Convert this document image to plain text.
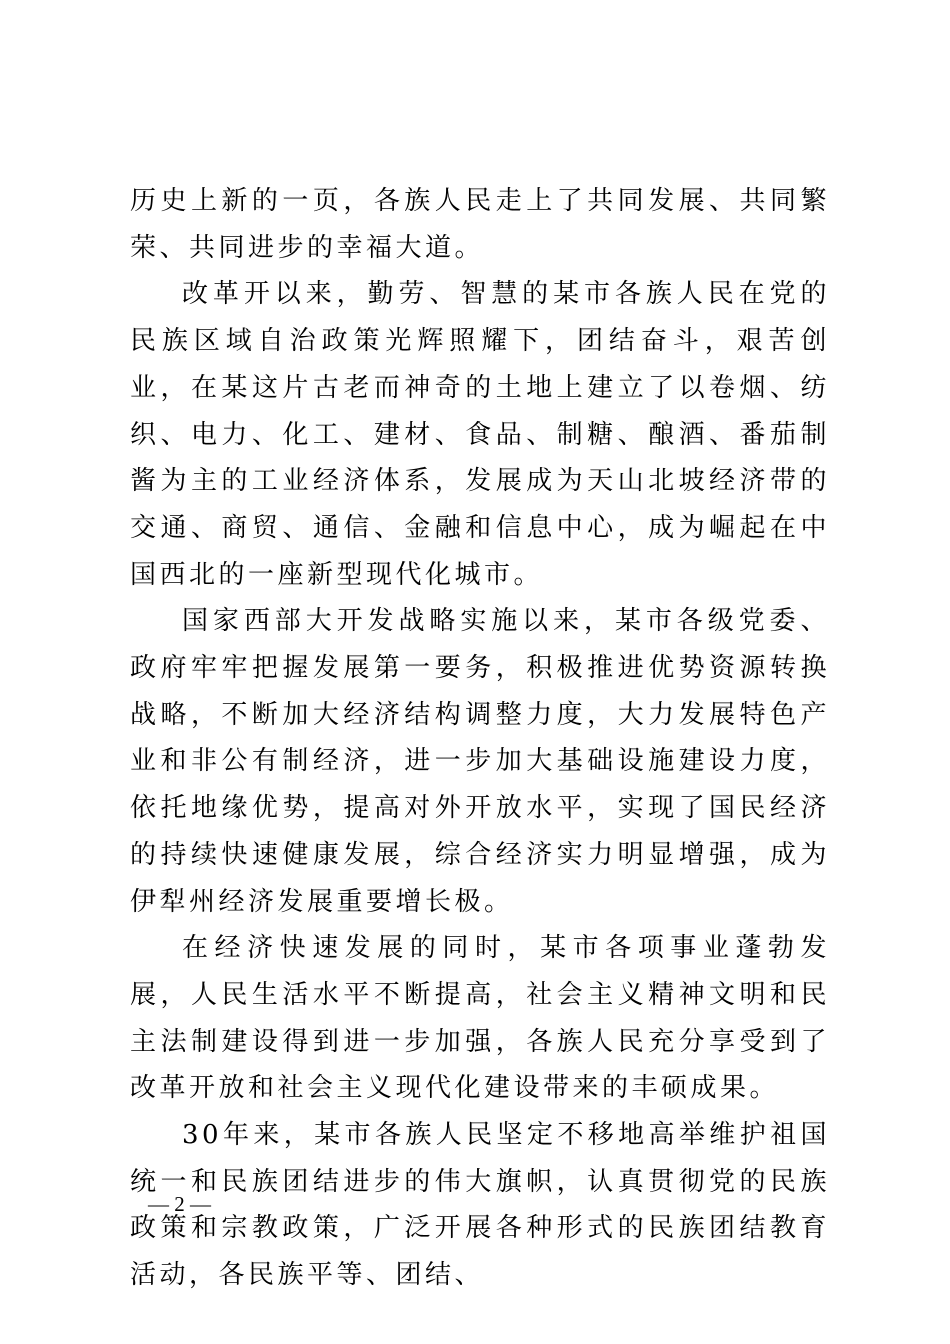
历史上新的一页，各族人民走上了共同发展、共同繁荣、共同进步的幸福大道。

改革开以来，勤劳、智慧的某市各族人民在党的民族区域自治政策光辉照耀下，团结奋斗，艰苦创业，在某这片古老而神奇的土地上建立了以卷烟、纺织、电力、化工、建材、食品、制糖、酿酒、番茄制酱为主的工业经济体系，发展成为天山北坡经济带的交通、商贸、通信、金融和信息中心，成为崛起在中国西北的一座新型现代化城市。

国家西部大开发战略实施以来，某市各级党委、政府牢牢把握发展第一要务，积极推进优势资源转换战略，不断加大经济结构调整力度，大力发展特色产业和非公有制经济，进一步加大基础设施建设力度，依托地缘优势，提高对外开放水平，实现了国民经济的持续快速健康发展，综合经济实力明显增强，成为伊犁州经济发展重要增长极。

在经济快速发展的同时，某市各项事业蓬勃发展，人民生活水平不断提高，社会主义精神文明和民主法制建设得到进一步加强，各族人民充分享受到了改革开放和社会主义现代化建设带来的丰硕成果。

30年来，某市各族人民坚定不移地高举维护祖国统一和民族团结进步的伟大旗帜，认真贯彻党的民族政策和宗教政策，广泛开展各种形式的民族团结教育活动，各民族平等、团结、

— 2 —
